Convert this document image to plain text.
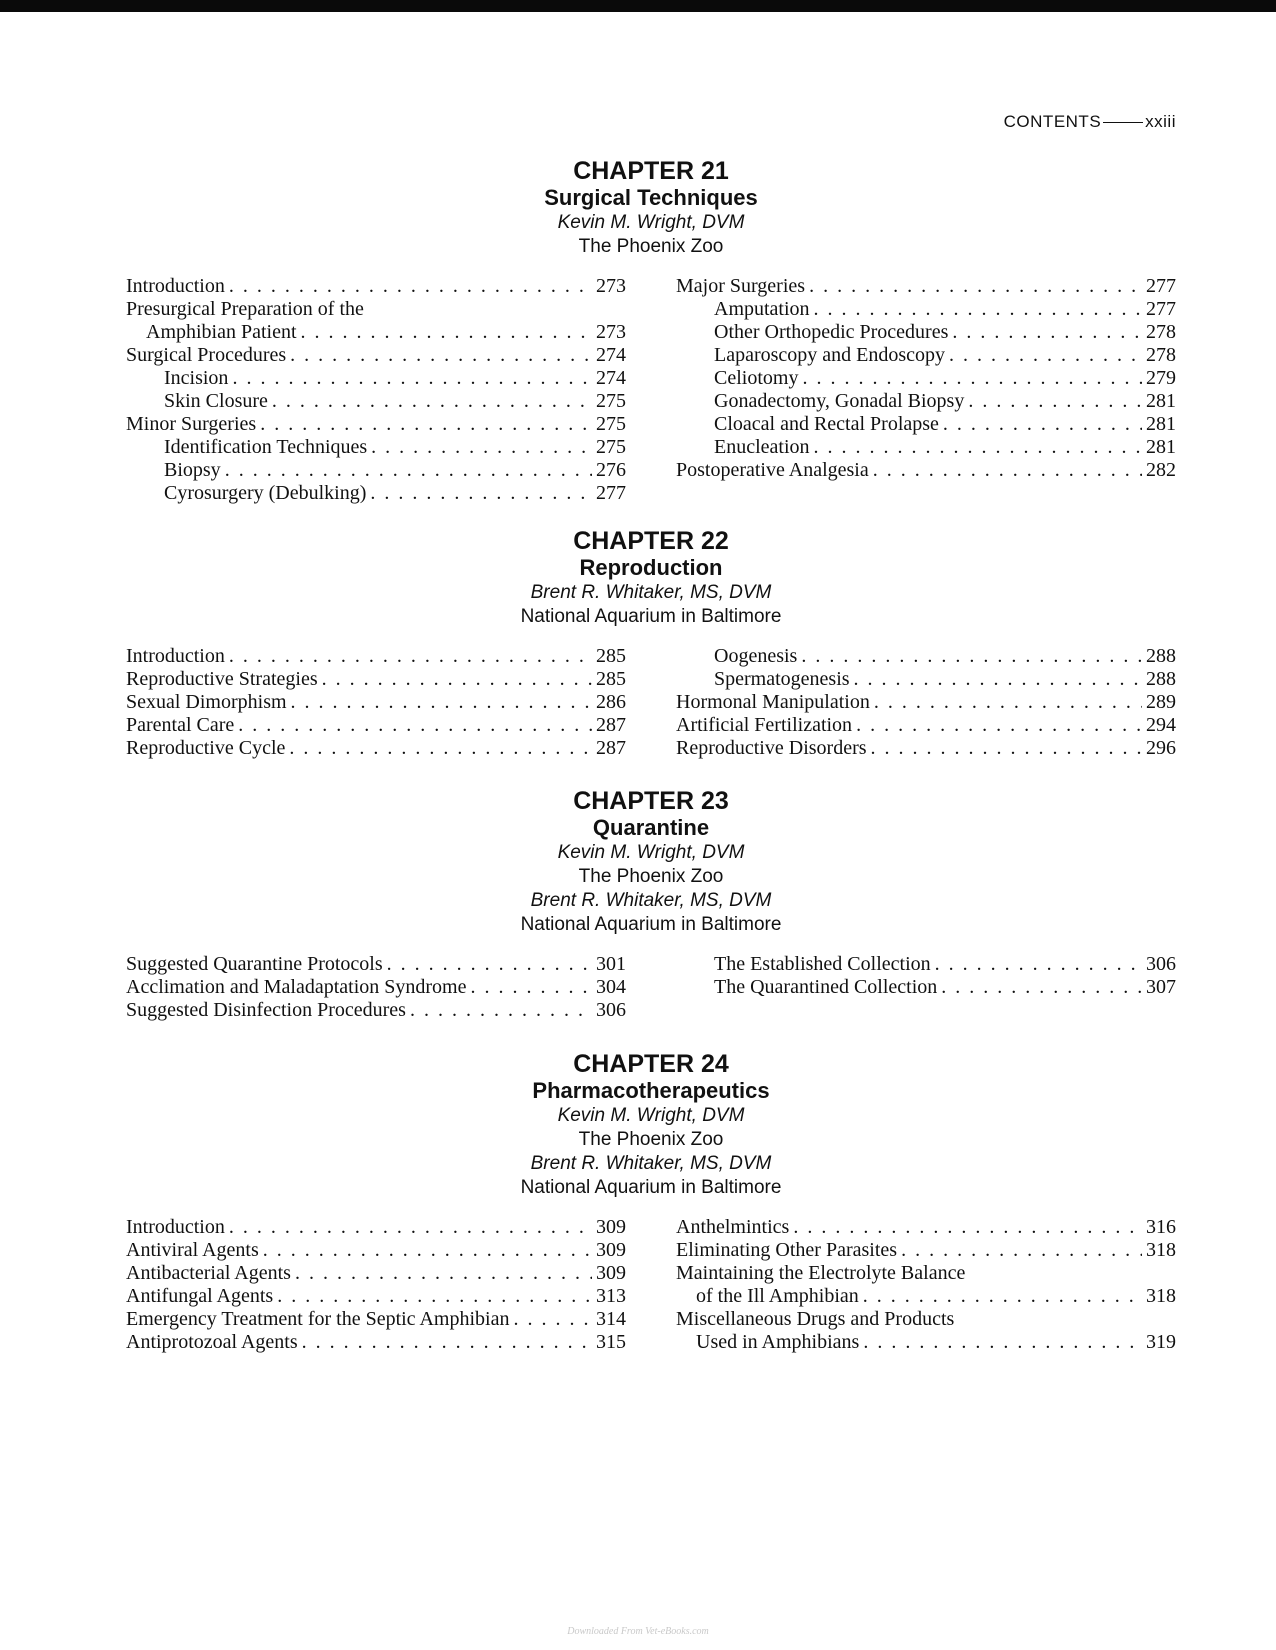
CONTENTS	xxiii
CHAPTER 21
Surgical Techniques
Kevin M. Wright, DVM
The Phoenix Zoo
Introduction . . .	273
Presurgical Preparation of the
Amphibian Patient . . .	273
Surgical Procedures . . .	274
Incision . . .	274
Skin Closure . . .	275
Minor Surgeries . . .	275
Identification Techniques . . .	275
Biopsy . . .	276
Cyrosurgery (Debulking) . . .	277
Major Surgeries . . .	277
Amputation . . .	277
Other Orthopedic Procedures . . .	278
Laparoscopy and Endoscopy . . .	278
Celiotomy . . .	279
Gonadectomy, Gonadal Biopsy . . .	281
Cloacal and Rectal Prolapse . . .	281
Enucleation . . .	281
Postoperative Analgesia . . .	282
CHAPTER 22
Reproduction
Brent R. Whitaker, MS, DVM
National Aquarium in Baltimore
Introduction . . .	285
Reproductive Strategies . . .	285
Sexual Dimorphism . . .	286
Parental Care . . .	287
Reproductive Cycle . . .	287
Oogenesis . . .	288
Spermatogenesis . . .	288
Hormonal Manipulation . . .	289
Artificial Fertilization . . .	294
Reproductive Disorders . . .	296
CHAPTER 23
Quarantine
Kevin M. Wright, DVM
The Phoenix Zoo
Brent R. Whitaker, MS, DVM
National Aquarium in Baltimore
Suggested Quarantine Protocols . . .	301
Acclimation and Maladaptation Syndrome . . .	304
Suggested Disinfection Procedures . . .	306
The Established Collection . . .	306
The Quarantined Collection . . .	307
CHAPTER 24
Pharmacotherapeutics
Kevin M. Wright, DVM
The Phoenix Zoo
Brent R. Whitaker, MS, DVM
National Aquarium in Baltimore
Introduction . . .	309
Antiviral Agents . . .	309
Antibacterial Agents . . .	309
Antifungal Agents . . .	313
Emergency Treatment for the Septic Amphibian . . .	314
Antiprotozoal Agents . . .	315
Anthelmintics . . .	316
Eliminating Other Parasites . . .	318
Maintaining the Electrolyte Balance
of the Ill Amphibian . . .	318
Miscellaneous Drugs and Products
Used in Amphibians . . .	319
Downloaded From Vet-eBooks.com
